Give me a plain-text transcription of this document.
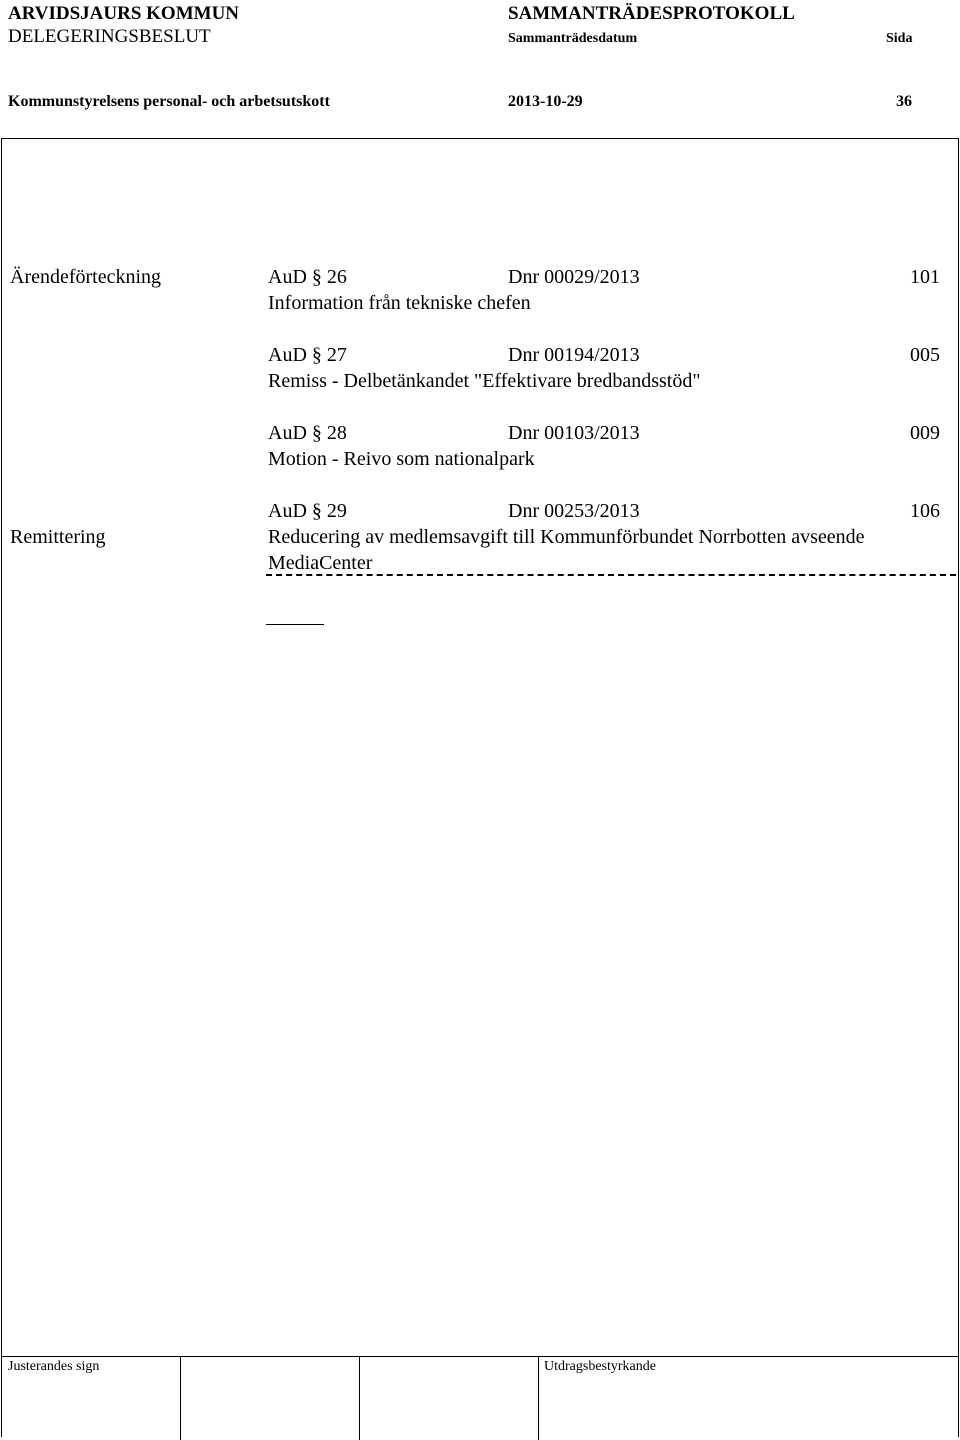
ARVIDSJAURS KOMMUN
DELEGERINGSBESLUT
SAMMANTRÄDESPROTOKOLL
Sammanträdesdatum	Sida
Kommunstyrelsens personal- och arbetsutskott	2013-10-29	36
Ärendeförteckning	AuD § 26	Dnr 00029/2013	101
Information från tekniske chefen
AuD § 27	Dnr 00194/2013	005
Remiss - Delbetänkandet "Effektivare bredbandsstöd"
AuD § 28	Dnr 00103/2013	009
Motion - Reivo som nationalpark
AuD § 29	Dnr 00253/2013	106
Remittering	Reducering av medlemsavgift till Kommunförbundet Norrbotten avseende
MediaCenter
Justerandes sign	Utdragsbestyrkande
